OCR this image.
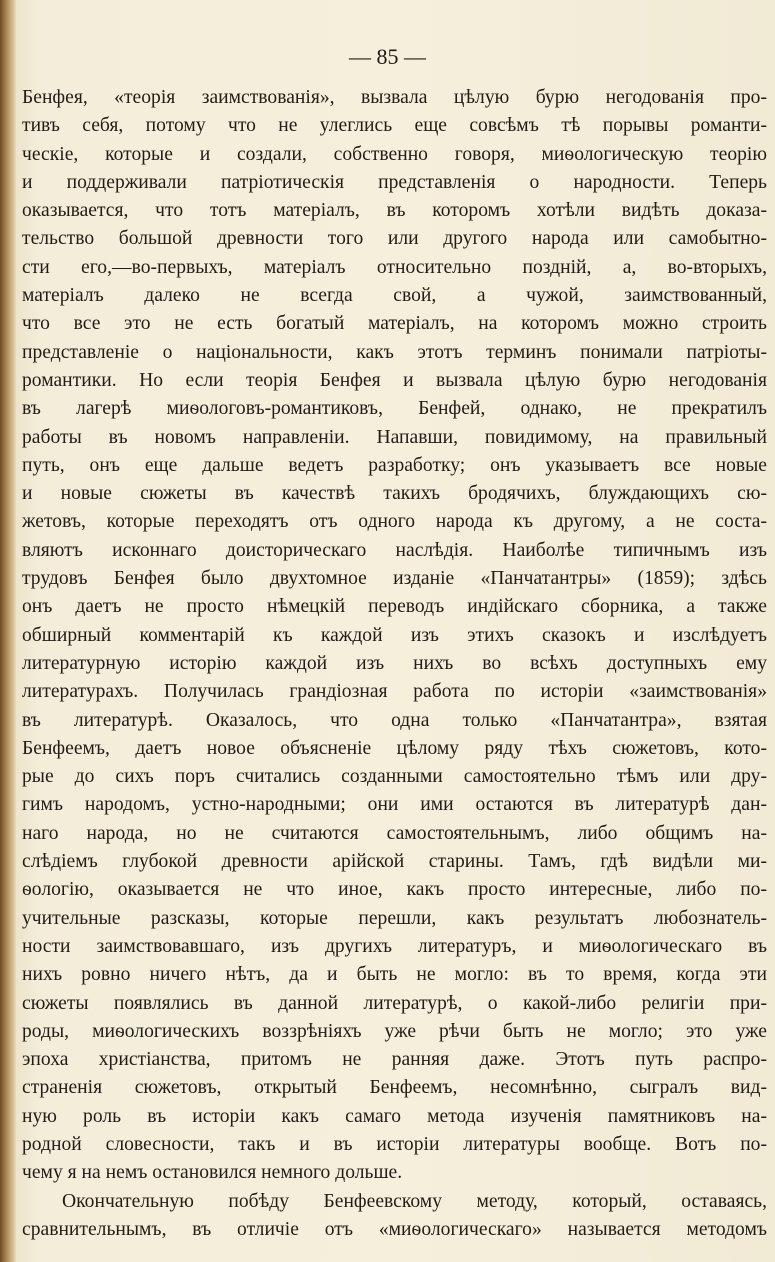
— 85 —
Бенфея, «теорія заимствованія», вызвала цѣлую бурю негодованія про-
тивъ себя, потому что не улеглись еще совсѣмъ тѣ порывы романти-
ческіе, которые и создали, собственно говоря, миѳологическую теорію
и поддерживали патріотическія представленія о народности. Теперь
оказывается, что тотъ матеріалъ, въ которомъ хотѣли видѣть доказа-
тельство большой древности того или другого народа или самобытно-
сти его,—во-первыхъ, матеріалъ относительно поздній, а, во-вторыхъ,
матеріалъ далеко не всегда свой, а чужой, заимствованный,
что все это не есть богатый матеріалъ, на которомъ можно строить
представленіе о національности, какъ этотъ терминъ понимали патріоты-
романтики. Но если теорія Бенфея и вызвала цѣлую бурю негодованія
въ лагерѣ миѳологовъ-романтиковъ, Бенфей, однако, не прекратилъ
работы въ новомъ направленіи. Напавши, повидимому, на правильный
путь, онъ еще дальше ведетъ разработку; онъ указываетъ все новые
и новые сюжеты въ качествѣ такихъ бродячихъ, блуждающихъ сю-
жетовъ, которые переходятъ отъ одного народа къ другому, а не соста-
вляютъ исконнаго доисторическаго наслѣдія. Наиболѣе типичнымъ изъ
трудовъ Бенфея было двухтомное изданіе «Панчатантры» (1859); здѣсь
онъ даетъ не просто нѣмецкій переводъ индійскаго сборника, а также
обширный комментарій къ каждой изъ этихъ сказокъ и изслѣдуетъ
литературную исторію каждой изъ нихъ во всѣхъ доступныхъ ему
литературахъ. Получилась грандіозная работа по исторіи «заимствованія»
въ литературѣ. Оказалось, что одна только «Панчатантра», взятая
Бенфеемъ, даетъ новое объясненіе цѣлому ряду тѣхъ сюжетовъ, кото-
рые до сихъ поръ считались созданными самостоятельно тѣмъ или дру-
гимъ народомъ, устно-народными; они ими остаются въ литературѣ дан-
наго народа, но не считаются самостоятельнымъ, либо общимъ на-
слѣдіемъ глубокой древности арійской старины. Тамъ, гдѣ видѣли ми-
ѳологію, оказывается не что иное, какъ просто интересные, либо по-
учительные разсказы, которые перешли, какъ результатъ любознатель-
ности заимствовавшаго, изъ другихъ литературъ, и миѳологическаго въ
нихъ ровно ничего нѣтъ, да и быть не могло: въ то время, когда эти
сюжеты появлялись въ данной литературѣ, о какой-либо религіи при-
роды, миѳологическихъ воззрѣніяхъ уже рѣчи быть не могло; это уже
эпоха христіанства, притомъ не ранняя даже. Этотъ путь распро-
страненія сюжетовъ, открытый Бенфеемъ, несомнѣнно, сыгралъ вид-
ную роль въ исторіи какъ самаго метода изученія памятниковъ на-
родной словесности, такъ и въ исторіи литературы вообще. Вотъ по-
чему я на немъ остановился немного дольше.
Окончательную побѣду Бенфеевскому методу, который, оставаясь,
сравнительнымъ, въ отличіе отъ «миѳологическаго» называется методомъ
